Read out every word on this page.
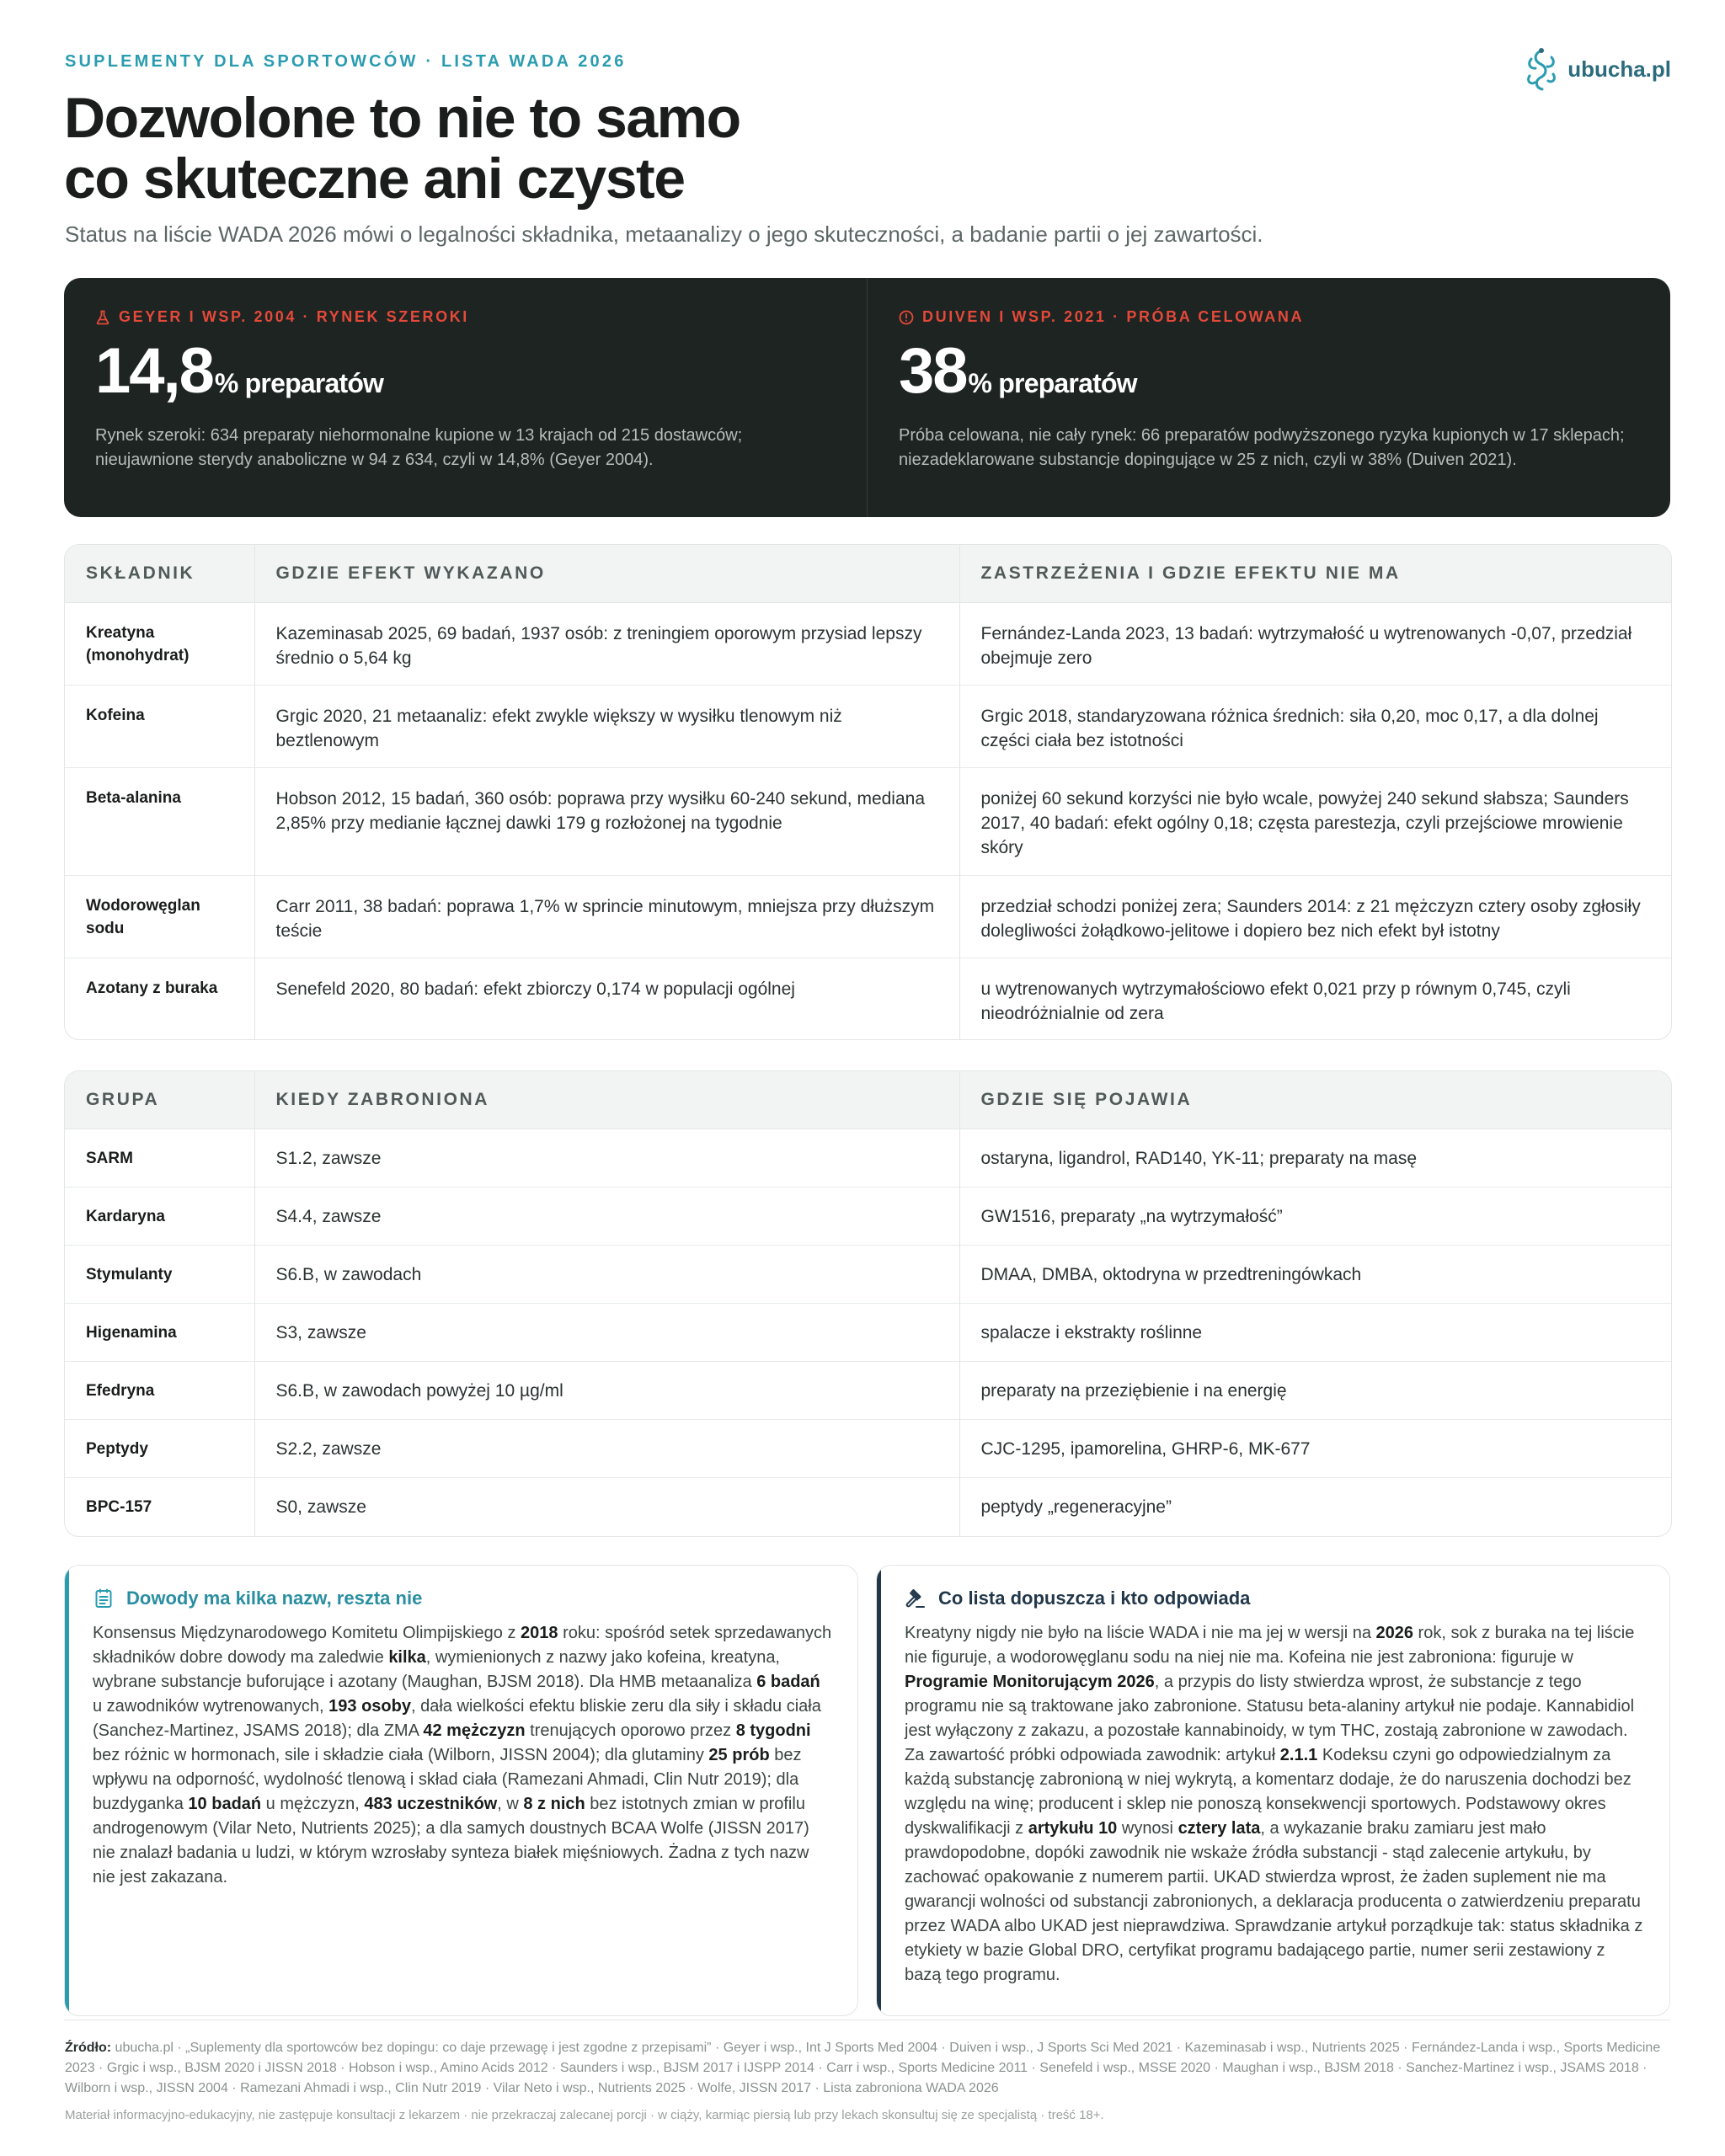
SUPLEMENTY DLA SPORTOWCÓW · LISTA WADA 2026	ubucha.pl
Dozwolone to nie to samo
co skuteczne ani czyste

Status na liście WADA 2026 mówi o legalności składnika, metaanalizy o jego skuteczności, a badanie partii o jej zawartości.

GEYER I WSP. 2004 · RYNEK SZEROKI
14,8 % preparatów
Rynek szeroki: 634 preparaty niehormonalne kupione w 13 krajach od 215 dostawców; nieujawnione sterydy anaboliczne w 94 z 634, czyli w 14,8% (Geyer 2004).
DUIVEN I WSP. 2021 · PRÓBA CELOWANA
38 % preparatów
Próba celowana, nie cały rynek: 66 preparatów podwyższonego ryzyka kupionych w 17 sklepach; niezadeklarowane substancje dopingujące w 25 z nich, czyli w 38% (Duiven 2021).
SKŁADNIK	GDZIE EFEKT WYKAZANO	ZASTRZEŻENIA I GDZIE EFEKTU NIE MA
Kreatyna (monohydrat)	Kazeminasab 2025, 69 badań, 1937 osób: z treningiem oporowym przysiad lepszy średnio o 5,64 kg	Fernández-Landa 2023, 13 badań: wytrzymałość u wytrenowanych -0,07, przedział obejmuje zero
Kofeina	Grgic 2020, 21 metaanaliz: efekt zwykle większy w wysiłku tlenowym niż beztlenowym	Grgic 2018, standaryzowana różnica średnich: siła 0,20, moc 0,17, a dla dolnej części ciała bez istotności
Beta-alanina	Hobson 2012, 15 badań, 360 osób: poprawa przy wysiłku 60-240 sekund, mediana 2,85% przy medianie łącznej dawki 179 g rozłożonej na tygodnie	poniżej 60 sekund korzyści nie było wcale, powyżej 240 sekund słabsza; Saunders 2017, 40 badań: efekt ogólny 0,18; częsta parestezja, czyli przejściowe mrowienie skóry
Wodorowęglan sodu	Carr 2011, 38 badań: poprawa 1,7% w sprincie minutowym, mniejsza przy dłuższym teście	przedział schodzi poniżej zera; Saunders 2014: z 21 mężczyzn cztery osoby zgłosiły dolegliwości żołądkowo-jelitowe i dopiero bez nich efekt był istotny
Azotany z buraka	Senefeld 2020, 80 badań: efekt zbiorczy 0,174 w populacji ogólnej	u wytrenowanych wytrzymałościowo efekt 0,021 przy p równym 0,745, czyli nieodróżnialnie od zera
GRUPA	KIEDY ZABRONIONA	GDZIE SIĘ POJAWIA
SARM	S1.2, zawsze	ostaryna, ligandrol, RAD140, YK-11; preparaty na masę
Kardaryna	S4.4, zawsze	GW1516, preparaty „na wytrzymałość”
Stymulanty	S6.B, w zawodach	DMAA, DMBA, oktodryna w przedtreningówkach
Higenamina	S3, zawsze	spalacze i ekstrakty roślinne
Efedryna	S6.B, w zawodach powyżej 10 µg/ml	preparaty na przeziębienie i na energię
Peptydy	S2.2, zawsze	CJC-1295, ipamorelina, GHRP-6, MK-677
BPC-157	S0, zawsze	peptydy „regeneracyjne”
Dowody ma kilka nazw, reszta nie
Konsensus Międzynarodowego Komitetu Olimpijskiego z 2018 roku: spośród setek sprzedawanych składników dobre dowody ma zaledwie kilka, wymienionych z nazwy jako kofeina, kreatyna, wybrane substancje buforujące i azotany (Maughan, BJSM 2018). Dla HMB metaanaliza 6 badań u zawodników wytrenowanych, 193 osoby, dała wielkości efektu bliskie zeru dla siły i składu ciała (Sanchez-Martinez, JSAMS 2018); dla ZMA 42 mężczyzn trenujących oporowo przez 8 tygodni bez różnic w hormonach, sile i składzie ciała (Wilborn, JISSN 2004); dla glutaminy 25 prób bez wpływu na odporność, wydolność tlenową i skład ciała (Ramezani Ahmadi, Clin Nutr 2019); dla buzdyganka 10 badań u mężczyzn, 483 uczestników, w 8 z nich bez istotnych zmian w profilu androgenowym (Vilar Neto, Nutrients 2025); a dla samych doustnych BCAA Wolfe (JISSN 2017) nie znalazł badania u ludzi, w którym wzrosłaby synteza białek mięśniowych. Żadna z tych nazw nie jest zakazana.
Co lista dopuszcza i kto odpowiada
Kreatyny nigdy nie było na liście WADA i nie ma jej w wersji na 2026 rok, sok z buraka na tej liście nie figuruje, a wodorowęglanu sodu na niej nie ma. Kofeina nie jest zabroniona: figuruje w Programie Monitorującym 2026, a przypis do listy stwierdza wprost, że substancje z tego programu nie są traktowane jako zabronione. Statusu beta-alaniny artykuł nie podaje. Kannabidiol jest wyłączony z zakazu, a pozostałe kannabinoidy, w tym THC, zostają zabronione w zawodach. Za zawartość próbki odpowiada zawodnik: artykuł 2.1.1 Kodeksu czyni go odpowiedzialnym za każdą substancję zabronioną w niej wykrytą, a komentarz dodaje, że do naruszenia dochodzi bez względu na winę; producent i sklep nie ponoszą konsekwencji sportowych. Podstawowy okres dyskwalifikacji z artykułu 10 wynosi cztery lata, a wykazanie braku zamiaru jest mało prawdopodobne, dopóki zawodnik nie wskaże źródła substancji - stąd zalecenie artykułu, by zachować opakowanie z numerem partii. UKAD stwierdza wprost, że żaden suplement nie ma gwarancji wolności od substancji zabronionych, a deklaracja producenta o zatwierdzeniu preparatu przez WADA albo UKAD jest nieprawdziwa. Sprawdzanie artykuł porządkuje tak: status składnika z etykiety w bazie Global DRO, certyfikat programu badającego partie, numer serii zestawiony z bazą tego programu.
Źródło: ubucha.pl · „Suplementy dla sportowców bez dopingu: co daje przewagę i jest zgodne z przepisami” · Geyer i wsp., Int J Sports Med 2004 · Duiven i wsp., J Sports Sci Med 2021 · Kazeminasab i wsp., Nutrients 2025 · Fernández-Landa i wsp., Sports Medicine 2023 · Grgic i wsp., BJSM 2020 i JISSN 2018 · Hobson i wsp., Amino Acids 2012 · Saunders i wsp., BJSM 2017 i IJSPP 2014 · Carr i wsp., Sports Medicine 2011 · Senefeld i wsp., MSSE 2020 · Maughan i wsp., BJSM 2018 · Sanchez-Martinez i wsp., JSAMS 2018 · Wilborn i wsp., JISSN 2004 · Ramezani Ahmadi i wsp., Clin Nutr 2019 · Vilar Neto i wsp., Nutrients 2025 · Wolfe, JISSN 2017 · Lista zabroniona WADA 2026
Materiał informacyjno-edukacyjny, nie zastępuje konsultacji z lekarzem · nie przekraczaj zalecanej porcji · w ciąży, karmiąc piersią lub przy lekach skonsultuj się ze specjalistą · treść 18+.
